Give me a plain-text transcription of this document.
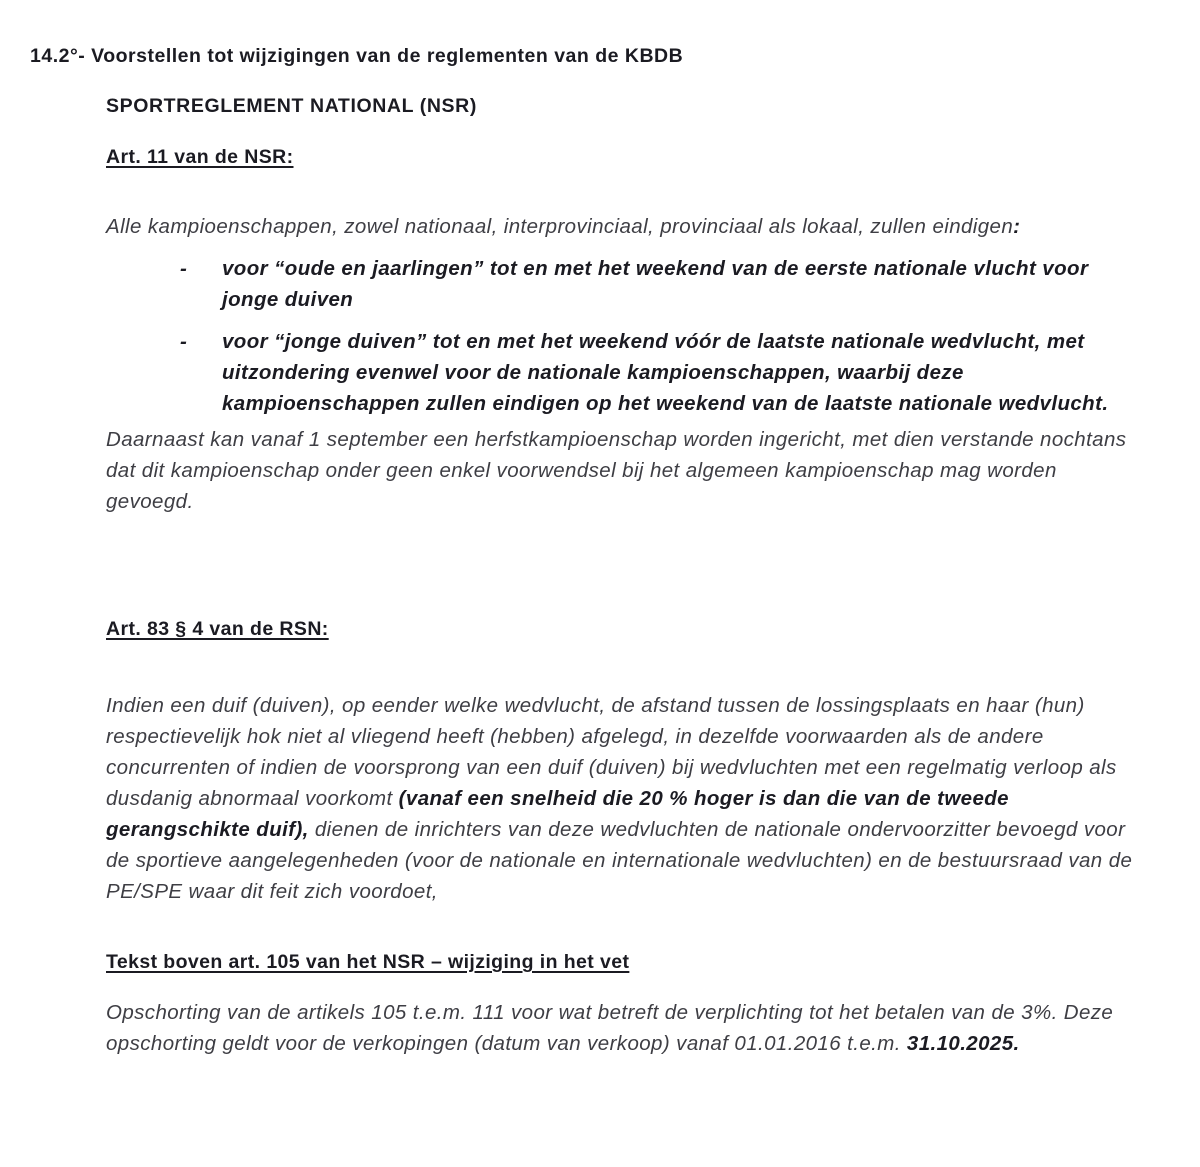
14.2°- Voorstellen tot wijzigingen van de reglementen van de KBDB
SPORTREGLEMENT NATIONAL (NSR)
Art. 11 van de NSR:

Alle kampioenschappen, zowel nationaal, interprovinciaal, provinciaal als lokaal, zullen eindigen:

-	voor “oude en jaarlingen” tot en met het weekend van de eerste nationale vlucht voor jonge duiven
-	voor “jonge duiven” tot en met het weekend vóór de laatste nationale wedvlucht, met uitzondering evenwel voor de nationale kampioenschappen, waarbij deze kampioenschappen zullen eindigen op het weekend van de laatste nationale wedvlucht.

Daarnaast kan vanaf 1 september een herfstkampioenschap worden ingericht, met dien verstande nochtans dat dit kampioenschap onder geen enkel voorwendsel bij het algemeen kampioenschap mag worden gevoegd.

Art. 83 § 4 van de RSN:

Indien een duif (duiven), op eender welke wedvlucht, de afstand tussen de lossingsplaats en haar (hun) respectievelijk hok niet al vliegend heeft (hebben) afgelegd, in dezelfde voorwaarden als de andere concurrenten of indien de voorsprong van een duif (duiven) bij wedvluchten met een regelmatig verloop als dusdanig abnormaal voorkomt (vanaf een snelheid die 20 % hoger is dan die van de tweede gerangschikte duif), dienen de inrichters van deze wedvluchten de nationale ondervoorzitter bevoegd voor de sportieve aangelegenheden (voor de nationale en internationale wedvluchten) en de bestuursraad van de PE/SPE waar dit feit zich voordoet,

Tekst boven art. 105 van het NSR – wijziging in het vet

Opschorting van de artikels 105 t.e.m. 111 voor wat betreft de verplichting tot het betalen van de 3%. Deze opschorting geldt voor de verkopingen (datum van verkoop) vanaf 01.01.2016 t.e.m. 31.10.2025.
